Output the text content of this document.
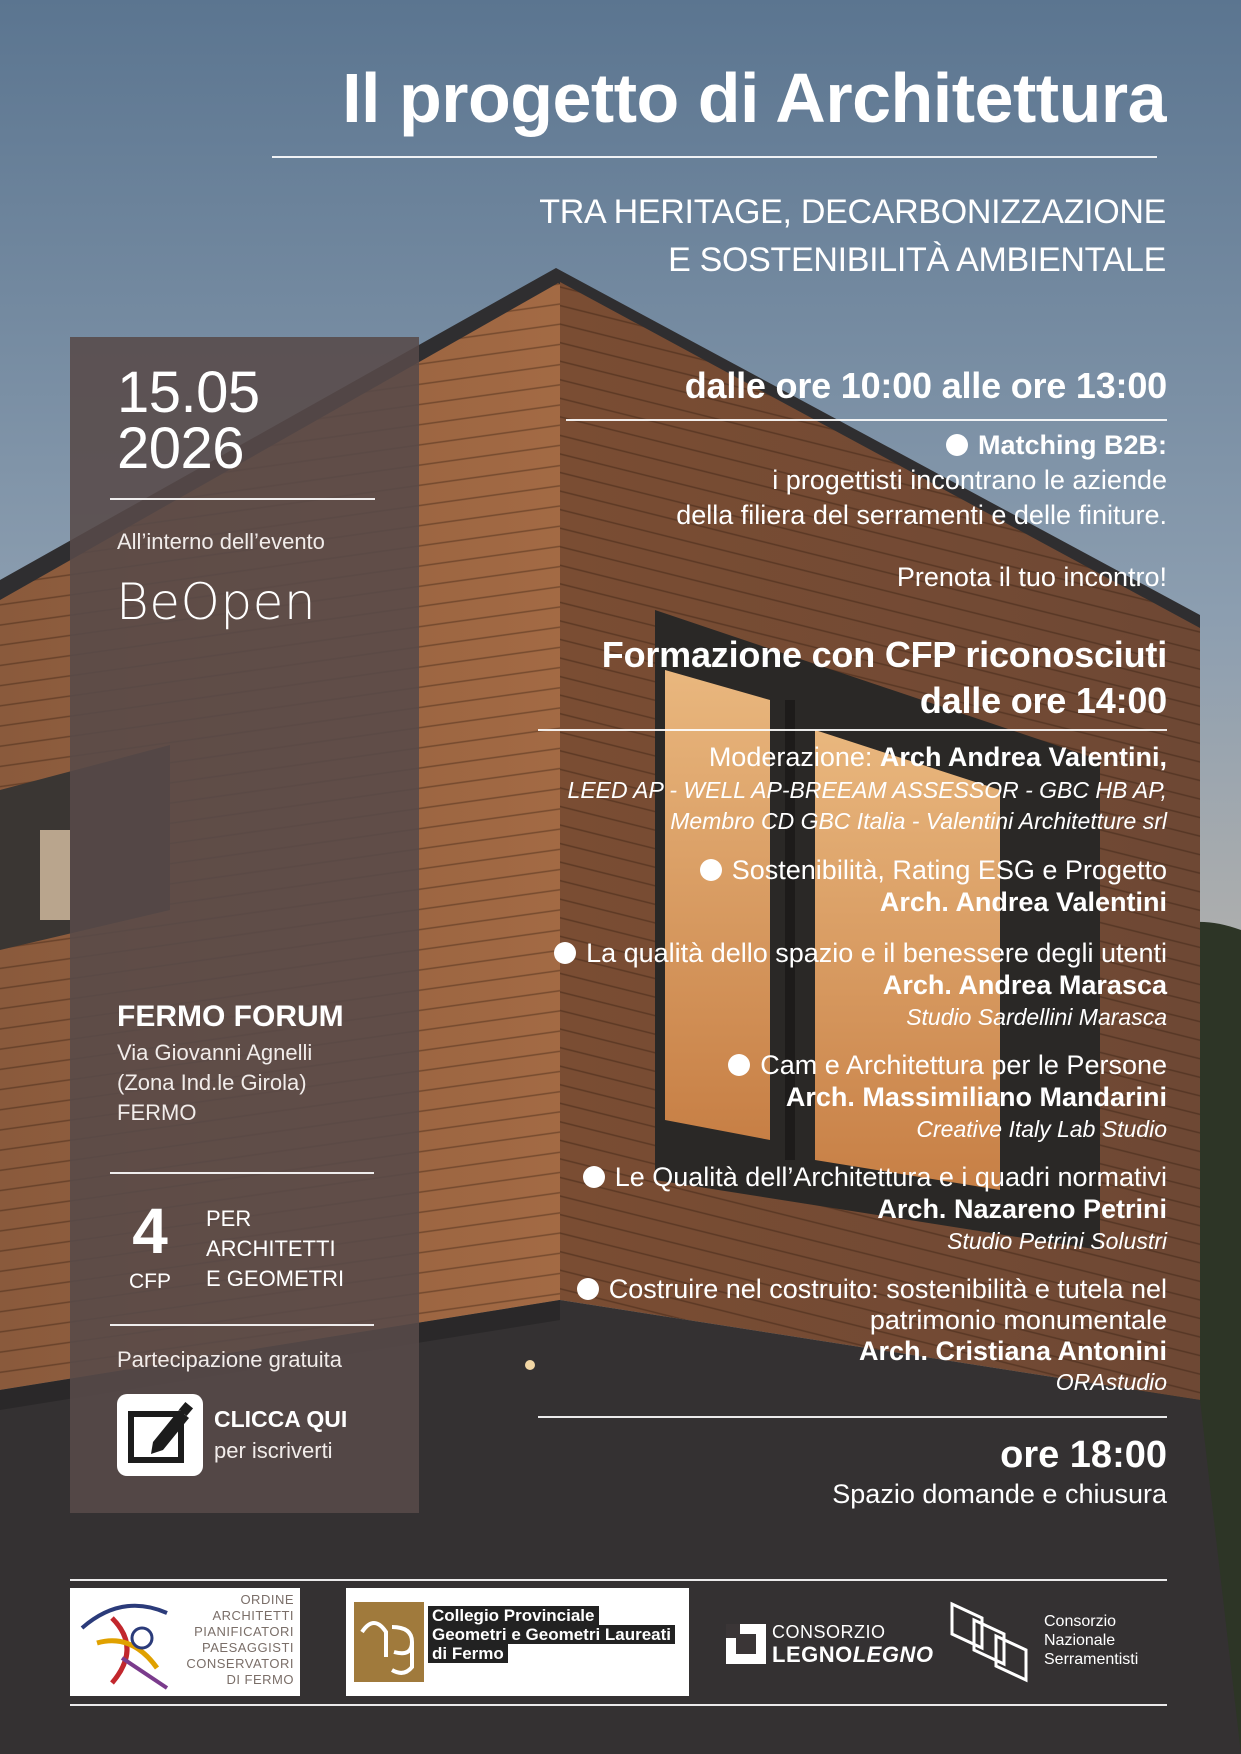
Il progetto di Architettura
TRA HERITAGE, DECARBONIZZAZIONE
E SOSTENIBILITÀ AMBIENTALE
15.05
2026
All’interno dell’evento
BeOpen
FERMO FORUM
Via Giovanni Agnelli
(Zona Ind.le Girola)
FERMO
4
CFP
PER
ARCHITETTI
E GEOMETRI
Partecipazione gratuita
CLICCA QUI
per iscriverti
dalle ore 10:00 alle ore 13:00
Matching B2B:
i progettisti incontrano le aziende
della filiera del serramenti e delle finiture.
Prenota il tuo incontro!
Formazione con CFP riconosciuti
dalle ore 14:00
Moderazione: Arch Andrea Valentini,
LEED AP - WELL AP-BREEAM ASSESSOR - GBC HB AP,
Membro CD GBC Italia - Valentini Architetture srl
Sostenibilità, Rating ESG e Progetto
Arch. Andrea Valentini
La qualità dello spazio e il benessere degli utenti
Arch. Andrea Marasca
Studio Sardellini Marasca
Cam e Architettura per le Persone
Arch. Massimiliano Mandarini
Creative Italy Lab Studio
Le Qualità dell’Architettura e i quadri normativi
Arch. Nazareno Petrini
Studio Petrini Solustri
Costruire nel costruito: sostenibilità e tutela nel
patrimonio monumentale
Arch. Cristiana Antonini
ORAstudio
ore 18:00
Spazio domande e chiusura
ORDINE
ARCHITETTI
PIANIFICATORI
PAESAGGISTI
CONSERVATORI
DI FERMO
Collegio Provinciale
Geometri e Geometri Laureati
di Fermo
CONSORZIO
LEGNOLEGNO
Consorzio
Nazionale
Serramentisti
